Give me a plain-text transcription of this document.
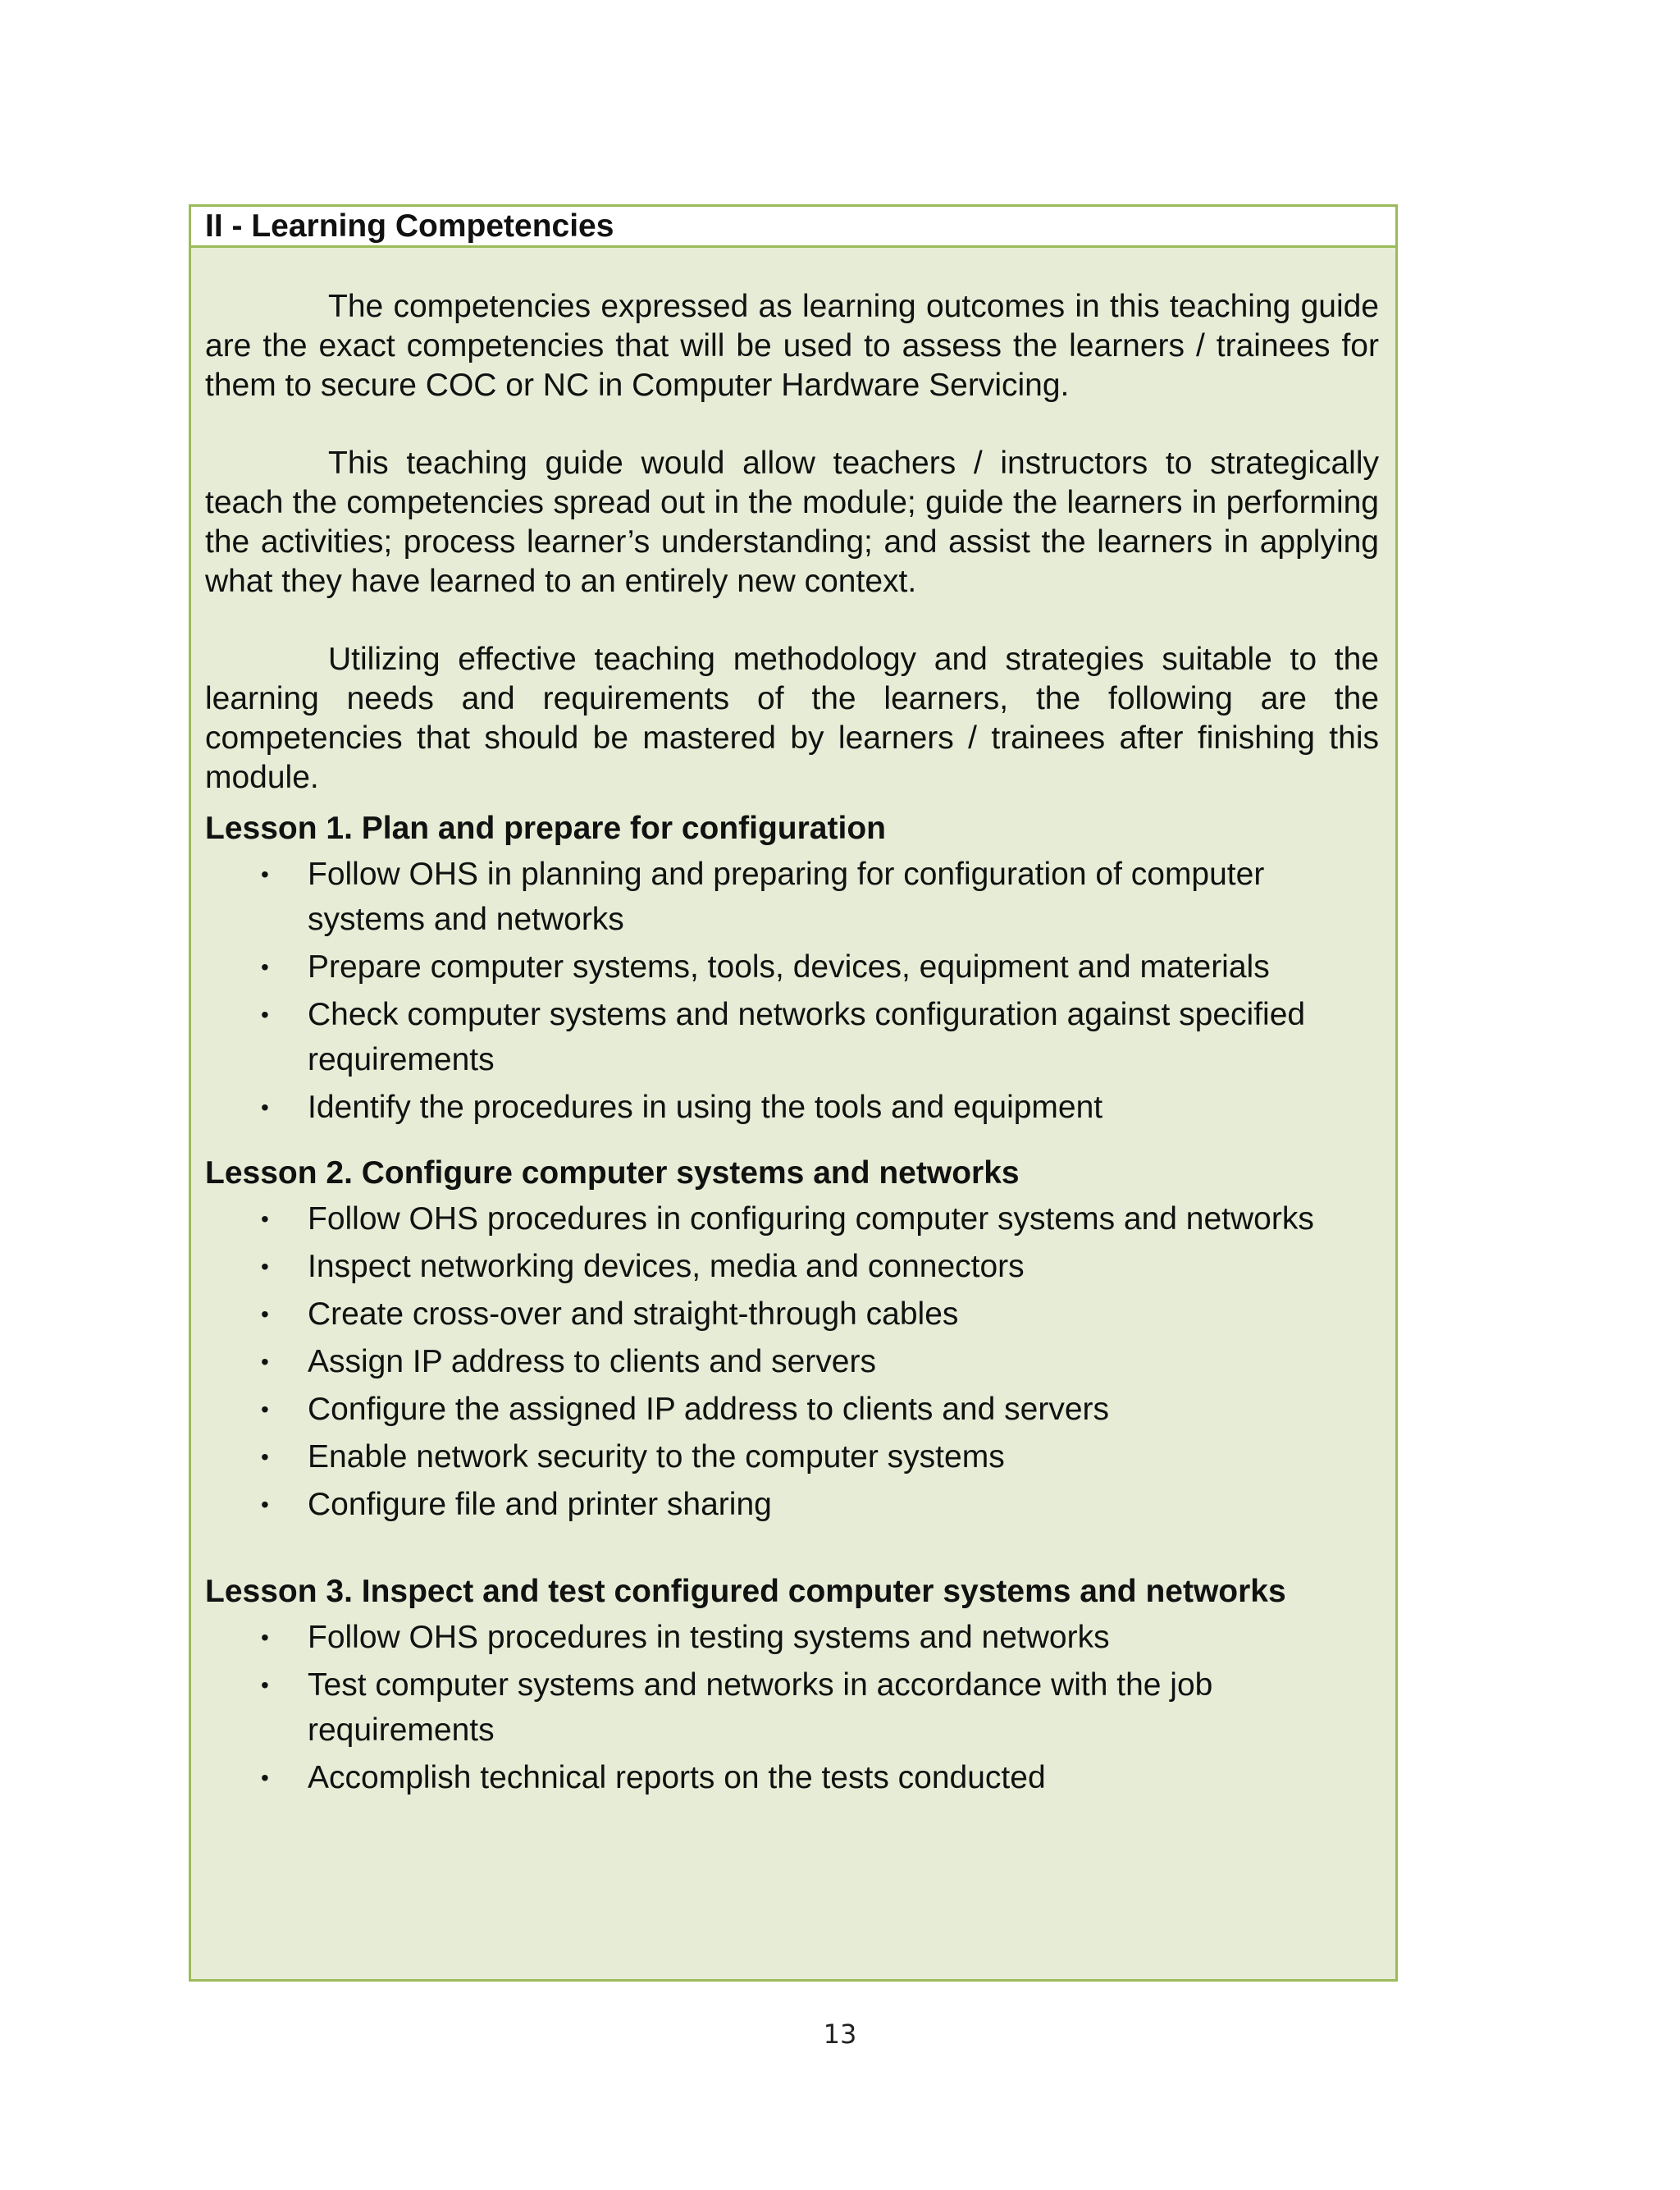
II - Learning Competencies

The competencies expressed as learning outcomes in this teaching guide are the exact competencies that will be used to assess the learners / trainees for them to secure COC or NC in Computer Hardware Servicing.

This teaching guide would allow teachers / instructors to strategically teach the competencies spread out in the module; guide the learners in performing the activities; process learner’s understanding; and assist the learners in applying what they have learned to an entirely new context.

Utilizing effective teaching methodology and strategies suitable to the learning needs and requirements of the learners, the following are the competencies that should be mastered by learners / trainees after finishing this module.

Lesson 1. Plan and prepare for configuration

• Follow OHS in planning and preparing for configuration of computer systems and networks
• Prepare computer systems, tools, devices, equipment and materials
• Check computer systems and networks configuration against specified requirements
• Identify the procedures in using the tools and equipment

Lesson 2. Configure computer systems and networks

• Follow OHS procedures in configuring computer systems and networks
• Inspect networking devices, media and connectors
• Create cross-over and straight-through cables
• Assign IP address to clients and servers
• Configure the assigned IP address to clients and servers
• Enable network security to the computer systems
• Configure file and printer sharing

Lesson 3. Inspect and test configured computer systems and networks

• Follow OHS procedures in testing systems and networks
• Test computer systems and networks in accordance with the job requirements
• Accomplish technical reports on the tests conducted
13
